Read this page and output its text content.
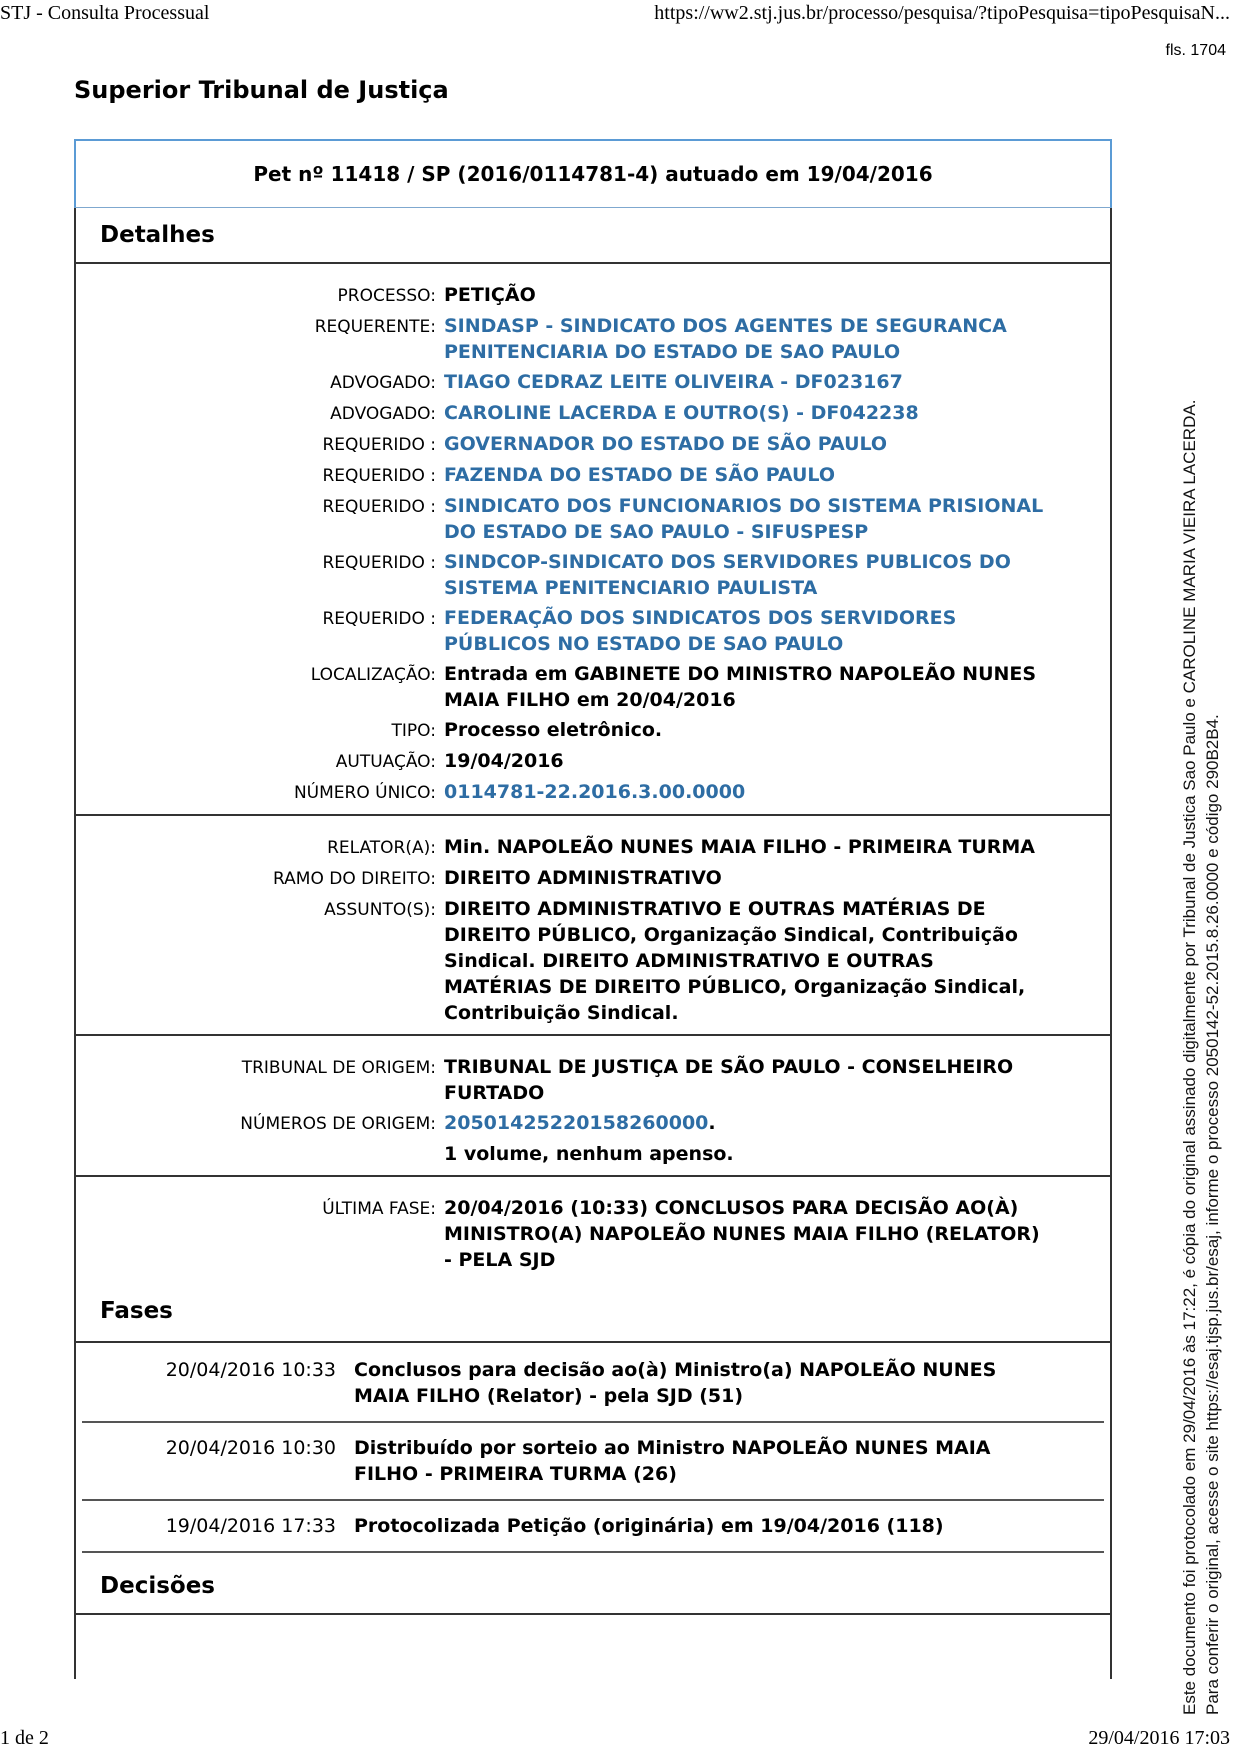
STJ - Consulta Processual	https://ww2.stj.jus.br/processo/pesquisa/?tipoPesquisa=tipoPesquisaN...
fls. 1704
Superior Tribunal de Justiça
Pet nº 11418 / SP (2016/0114781-4) autuado em 19/04/2016
Detalhes
PROCESSO: PETIÇÃO
REQUERENTE: SINDASP - SINDICATO DOS AGENTES DE SEGURANCA PENITENCIARIA DO ESTADO DE SAO PAULO
ADVOGADO: TIAGO CEDRAZ LEITE OLIVEIRA - DF023167
ADVOGADO: CAROLINE LACERDA E OUTRO(S) - DF042238
REQUERIDO : GOVERNADOR DO ESTADO DE SÃO PAULO
REQUERIDO : FAZENDA DO ESTADO DE SÃO PAULO
REQUERIDO : SINDICATO DOS FUNCIONARIOS DO SISTEMA PRISIONAL DO ESTADO DE SAO PAULO - SIFUSPESP
REQUERIDO : SINDCOP-SINDICATO DOS SERVIDORES PUBLICOS DO SISTEMA PENITENCIARIO PAULISTA
REQUERIDO : FEDERAÇÃO DOS SINDICATOS DOS SERVIDORES PÚBLICOS NO ESTADO DE SAO PAULO
LOCALIZAÇÃO: Entrada em GABINETE DO MINISTRO NAPOLEÃO NUNES MAIA FILHO em 20/04/2016
TIPO: Processo eletrônico.
AUTUAÇÃO: 19/04/2016
NÚMERO ÚNICO: 0114781-22.2016.3.00.0000
RELATOR(A): Min. NAPOLEÃO NUNES MAIA FILHO - PRIMEIRA TURMA
RAMO DO DIREITO: DIREITO ADMINISTRATIVO
ASSUNTO(S): DIREITO ADMINISTRATIVO E OUTRAS MATÉRIAS DE DIREITO PÚBLICO, Organização Sindical, Contribuição Sindical. DIREITO ADMINISTRATIVO E OUTRAS MATÉRIAS DE DIREITO PÚBLICO, Organização Sindical, Contribuição Sindical.
TRIBUNAL DE ORIGEM: TRIBUNAL DE JUSTIÇA DE SÃO PAULO - CONSELHEIRO FURTADO
NÚMEROS DE ORIGEM: 20501425220158260000.
1 volume, nenhum apenso.
ÚLTIMA FASE: 20/04/2016 (10:33) CONCLUSOS PARA DECISÃO AO(À) MINISTRO(A) NAPOLEÃO NUNES MAIA FILHO (RELATOR) - PELA SJD
Fases
20/04/2016 10:33 Conclusos para decisão ao(à) Ministro(a) NAPOLEÃO NUNES MAIA FILHO (Relator) - pela SJD (51)
20/04/2016 10:30 Distribuído por sorteio ao Ministro NAPOLEÃO NUNES MAIA FILHO - PRIMEIRA TURMA (26)
19/04/2016 17:33 Protocolizada Petição (originária) em 19/04/2016 (118)
Decisões	Este documento foi protocolado em 29/04/2016 às 17:22, é cópia do original assinado digitalmente por Tribunal de Justica Sao Paulo e CAROLINE MARIA VIEIRA LACERDA. Para conferir o original, acesse o site https://esaj.tjsp.jus.br/esaj, informe o processo 2050142-52.2015.8.26.0000 e código 290B2B4.
1 de 2	29/04/2016 17:03
